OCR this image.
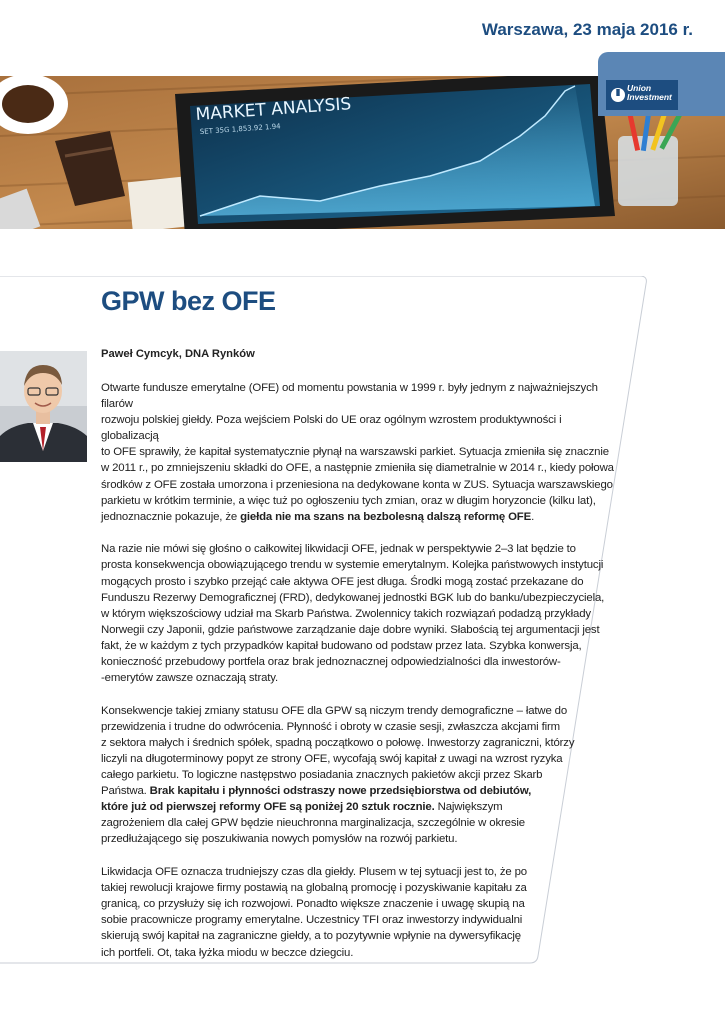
Warszawa, 23 maja 2016 r.
MARKET ANALYSIS
SET 35G 1,853.92 1.94
Union
Investment
GPW bez OFE

Paweł Cymcyk, DNA Rynków

Otwarte fundusze emerytalne (OFE) od momentu powstania w 1999 r. były jednym z najważniejszych filarów
rozwoju polskiej giełdy. Poza wejściem Polski do UE oraz ogólnym wzrostem produktywności i globalizacją
to OFE sprawiły, że kapitał systematycznie płynął na warszawski parkiet. Sytuacja zmieniła się znacznie
w 2011 r., po zmniejszeniu składki do OFE, a następnie zmieniła się diametralnie w 2014 r., kiedy połowa
środków z OFE została umorzona i przeniesiona na dedykowane konta w ZUS. Sytuacja warszawskiego
parkietu w krótkim terminie, a więc tuż po ogłoszeniu tych zmian, oraz w długim horyzoncie (kilku lat),
jednoznacznie pokazuje, że giełda nie ma szans na bezbolesną dalszą reformę OFE.

Na razie nie mówi się głośno o całkowitej likwidacji OFE, jednak w perspektywie 2–3 lat będzie to
prosta konsekwencja obowiązującego trendu w systemie emerytalnym. Kolejka państwowych instytucji
mogących prosto i szybko przejąć całe aktywa OFE jest długa. Środki mogą zostać przekazane do
Funduszu Rezerwy Demograficznej (FRD), dedykowanej jednostki BGK lub do banku/ubezpieczyciela,
w którym większościowy udział ma Skarb Państwa. Zwolennicy takich rozwiązań podadzą przykłady
Norwegii czy Japonii, gdzie państwowe zarządzanie daje dobre wyniki. Słabością tej argumentacji jest
fakt, że w każdym z tych przypadków kapitał budowano od podstaw przez lata. Szybka konwersja,
konieczność przebudowy portfela oraz brak jednoznacznej odpowiedzialności dla inwestorów-
-emerytów zawsze oznaczają straty.

Konsekwencje takiej zmiany statusu OFE dla GPW są niczym trendy demograficzne – łatwe do
przewidzenia i trudne do odwrócenia. Płynność i obroty w czasie sesji, zwłaszcza akcjami firm
z sektora małych i średnich spółek, spadną początkowo o połowę. Inwestorzy zagraniczni, którzy
liczyli na długoterminowy popyt ze strony OFE, wycofają swój kapitał z uwagi na wzrost ryzyka
całego parkietu. To logiczne następstwo posiadania znacznych pakietów akcji przez Skarb
Państwa. Brak kapitału i płynności odstraszy nowe przedsiębiorstwa od debiutów,
które już od pierwszej reformy OFE są poniżej 20 sztuk rocznie. Największym
zagrożeniem dla całej GPW będzie nieuchronna marginalizacja, szczególnie w okresie
przedłużającego się poszukiwania nowych pomysłów na rozwój parkietu.

Likwidacja OFE oznacza trudniejszy czas dla giełdy. Plusem w tej sytuacji jest to, że po
takiej rewolucji krajowe firmy postawią na globalną promocję i pozyskiwanie kapitału za
granicą, co przysłuży się ich rozwojowi. Ponadto większe znaczenie i uwagę skupią na
sobie pracownicze programy emerytalne. Uczestnicy TFI oraz inwestorzy indywidualni
skierują swój kapitał na zagraniczne giełdy, a to pozytywnie wpłynie na dywersyfikację
ich portfeli. Ot, taka łyżka miodu w beczce dziegciu.
